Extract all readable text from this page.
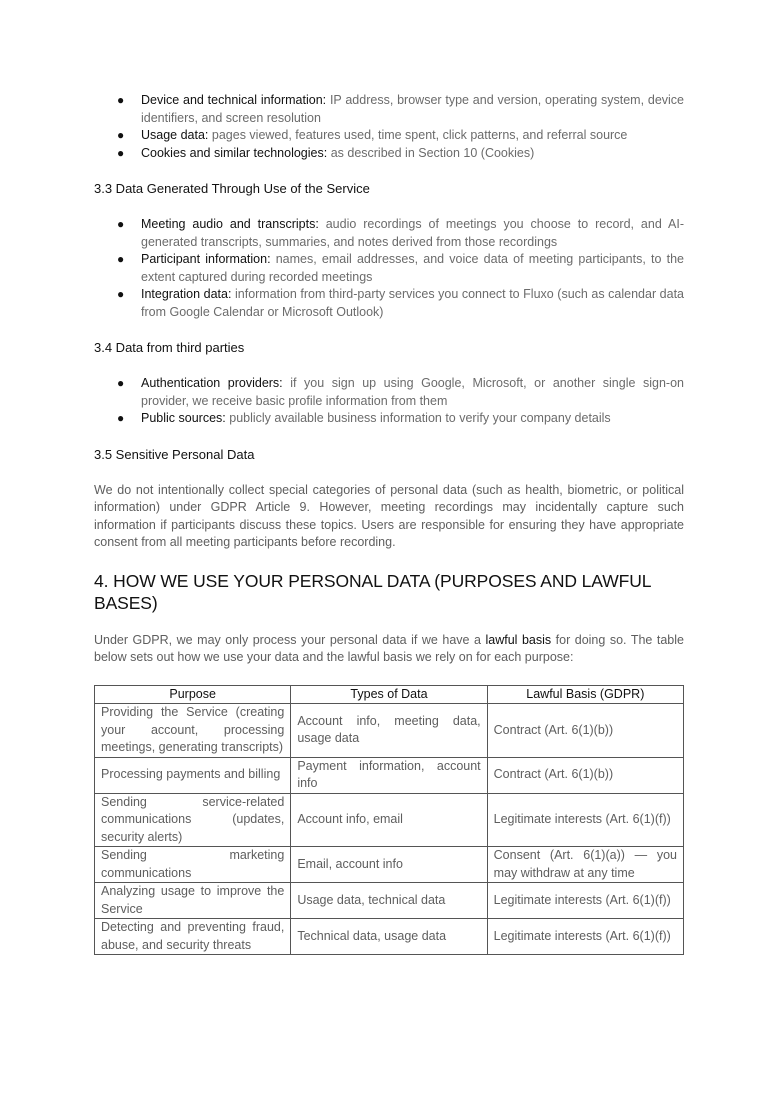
● Device and technical information: IP address, browser type and version, operating system, device identifiers, and screen resolution
● Usage data: pages viewed, features used, time spent, click patterns, and referral source
● Cookies and similar technologies: as described in Section 10 (Cookies)

3.3 Data Generated Through Use of the Service

● Meeting audio and transcripts: audio recordings of meetings you choose to record, and AI-generated transcripts, summaries, and notes derived from those recordings
● Participant information: names, email addresses, and voice data of meeting participants, to the extent captured during recorded meetings
● Integration data: information from third-party services you connect to Fluxo (such as calendar data from Google Calendar or Microsoft Outlook)

3.4 Data from third parties

● Authentication providers: if you sign up using Google, Microsoft, or another single sign-on provider, we receive basic profile information from them
● Public sources: publicly available business information to verify your company details

3.5 Sensitive Personal Data

We do not intentionally collect special categories of personal data (such as health, biometric, or political information) under GDPR Article 9. However, meeting recordings may incidentally capture such information if participants discuss these topics. Users are responsible for ensuring they have appropriate consent from all meeting participants before recording.

4. HOW WE USE YOUR PERSONAL DATA (PURPOSES AND LAWFUL BASES)

Under GDPR, we may only process your personal data if we have a lawful basis for doing so. The table below sets out how we use your data and the lawful basis we rely on for each purpose:

Purpose	Types of Data	Lawful Basis (GDPR)
Providing the Service (creating your account, processing meetings, generating transcripts)	Account info, meeting data, usage data	Contract (Art. 6(1)(b))
Processing payments and billing	Payment information, account info	Contract (Art. 6(1)(b))
Sending service-related communications (updates, security alerts)	Account info, email	Legitimate interests (Art. 6(1)(f))
Sending marketing communications	Email, account info	Consent (Art. 6(1)(a)) — you may withdraw at any time
Analyzing usage to improve the Service	Usage data, technical data	Legitimate interests (Art. 6(1)(f))
Detecting and preventing fraud, abuse, and security threats	Technical data, usage data	Legitimate interests (Art. 6(1)(f))
